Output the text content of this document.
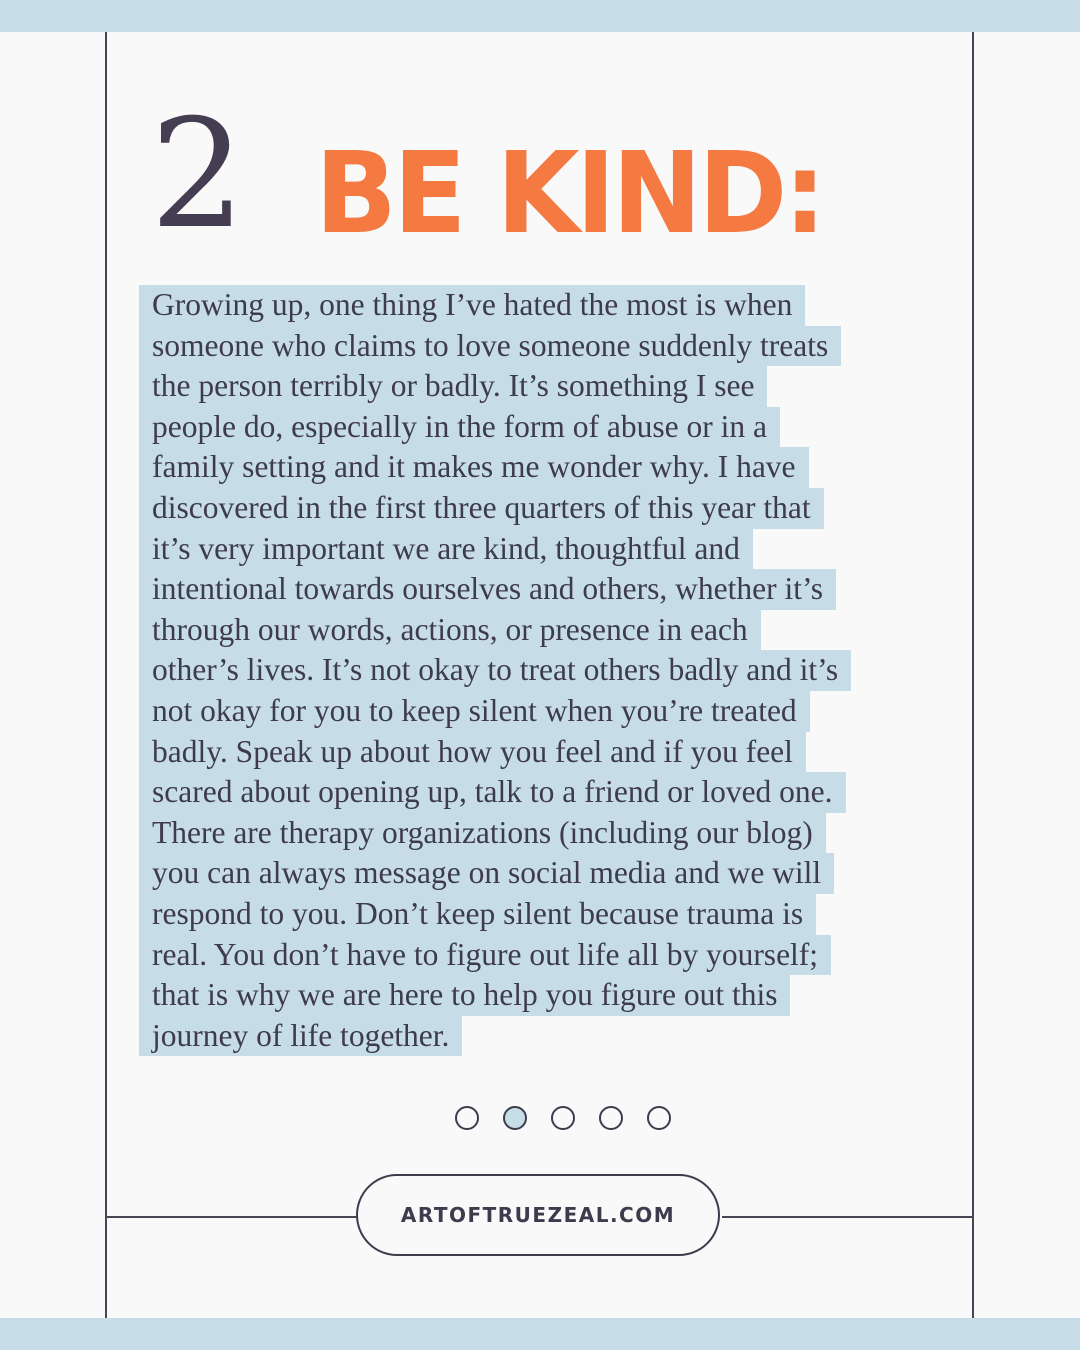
2 BE KIND:
Growing up, one thing I’ve hated the most is when
someone who claims to love someone suddenly treats
the person terribly or badly. It’s something I see
people do, especially in the form of abuse or in a
family setting and it makes me wonder why. I have
discovered in the first three quarters of this year that
it’s very important we are kind, thoughtful and
intentional towards ourselves and others, whether it’s
through our words, actions, or presence in each
other’s lives. It’s not okay to treat others badly and it’s
not okay for you to keep silent when you’re treated
badly. Speak up about how you feel and if you feel
scared about opening up, talk to a friend or loved one.
There are therapy organizations (including our blog)
you can always message on social media and we will
respond to you. Don’t keep silent because trauma is
real. You don’t have to figure out life all by yourself;
that is why we are here to help you figure out this
journey of life together.
ARTOFTRUEZEAL.COM
